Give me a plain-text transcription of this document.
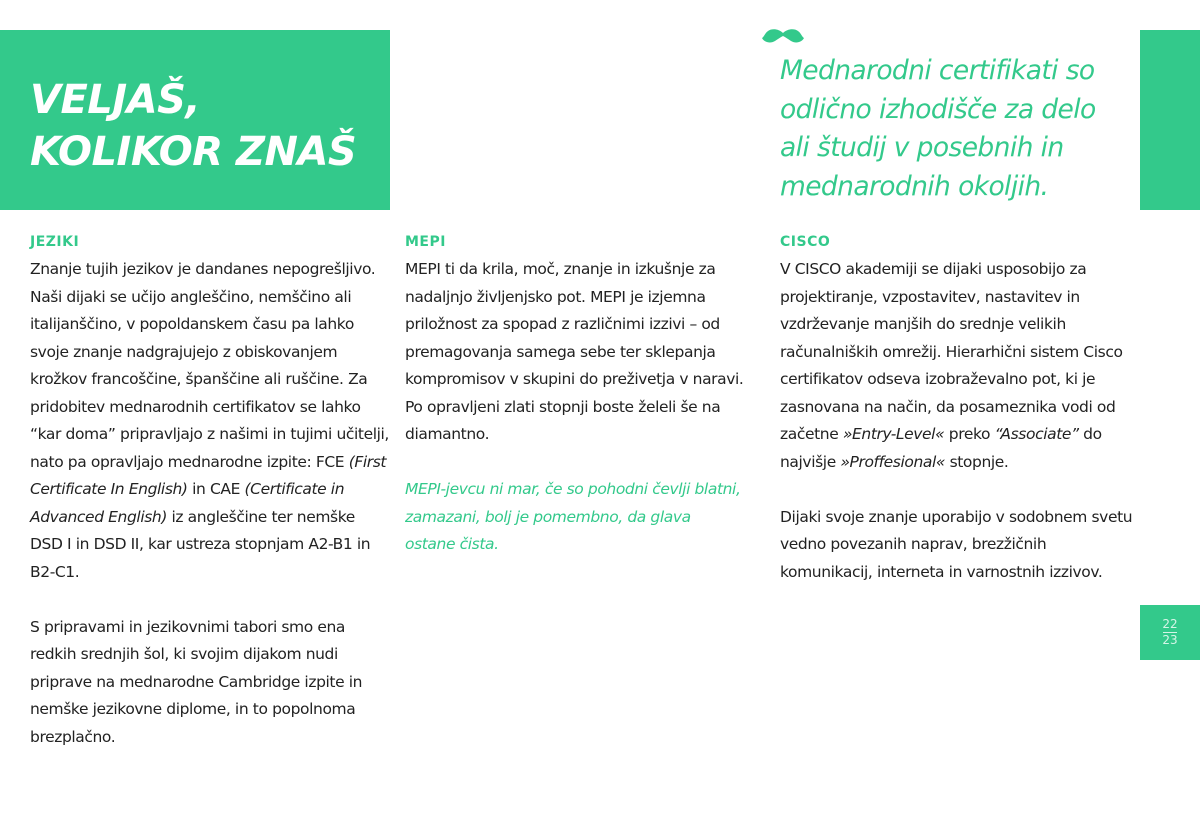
VELJAŠ,
KOLIKOR ZNAŠ

Mednarodni certifikati so
odlično izhodišče za delo
ali študij v posebnih in
mednarodnih okoljih.

JEZIKI

Znanje tujih jezikov je dandanes nepogrešljivo. Naši dijaki se učijo angleščino, nemščino ali italijanščino, v popoldanskem času pa lahko svoje znanje nadgrajujejo z obiskovanjem krožkov francoščine, španščine ali ruščine. Za pridobitev mednarodnih certifikatov se lahko “kar doma” pripravljajo z našimi in tujimi učitelji, nato pa opravljajo mednarodne izpite: FCE (First Certificate In English) in CAE (Certificate in Advanced English) iz angleščine ter nemške DSD I in DSD II, kar ustreza stopnjam A2-B1 in B2-C1.

S pripravami in jezikovnimi tabori smo ena redkih srednjih šol, ki svojim dijakom nudi priprave na mednarodne Cambridge izpite in nemške jezikovne diplome, in to popolnoma brezplačno.

MEPI

MEPI ti da krila, moč, znanje in izkušnje za nadaljnjo življenjsko pot. MEPI je izjemna priložnost za spopad z različnimi izzivi – od premagovanja samega sebe ter sklepanja kompromisov v skupini do preživetja v naravi. Po opravljeni zlati stopnji boste želeli še na diamantno.

MEPI-jevcu ni mar, če so pohodni čevlji blatni, zamazani, bolj je pomembno, da glava ostane čista.

CISCO

V CISCO akademiji se dijaki usposobijo za projektiranje, vzpostavitev, nastavitev in vzdrževanje manjših do srednje velikih računalniških omrežij. Hierarhični sistem Cisco certifikatov odseva izobraževalno pot, ki je zasnovana na način, da posameznika vodi od začetne »Entry-Level« preko “Associate” do najvišje »Proffesional« stopnje.

Dijaki svoje znanje uporabijo v sodobnem svetu vedno povezanih naprav, brezžičnih komunikacij, interneta in varnostnih izzivov.

22
23
